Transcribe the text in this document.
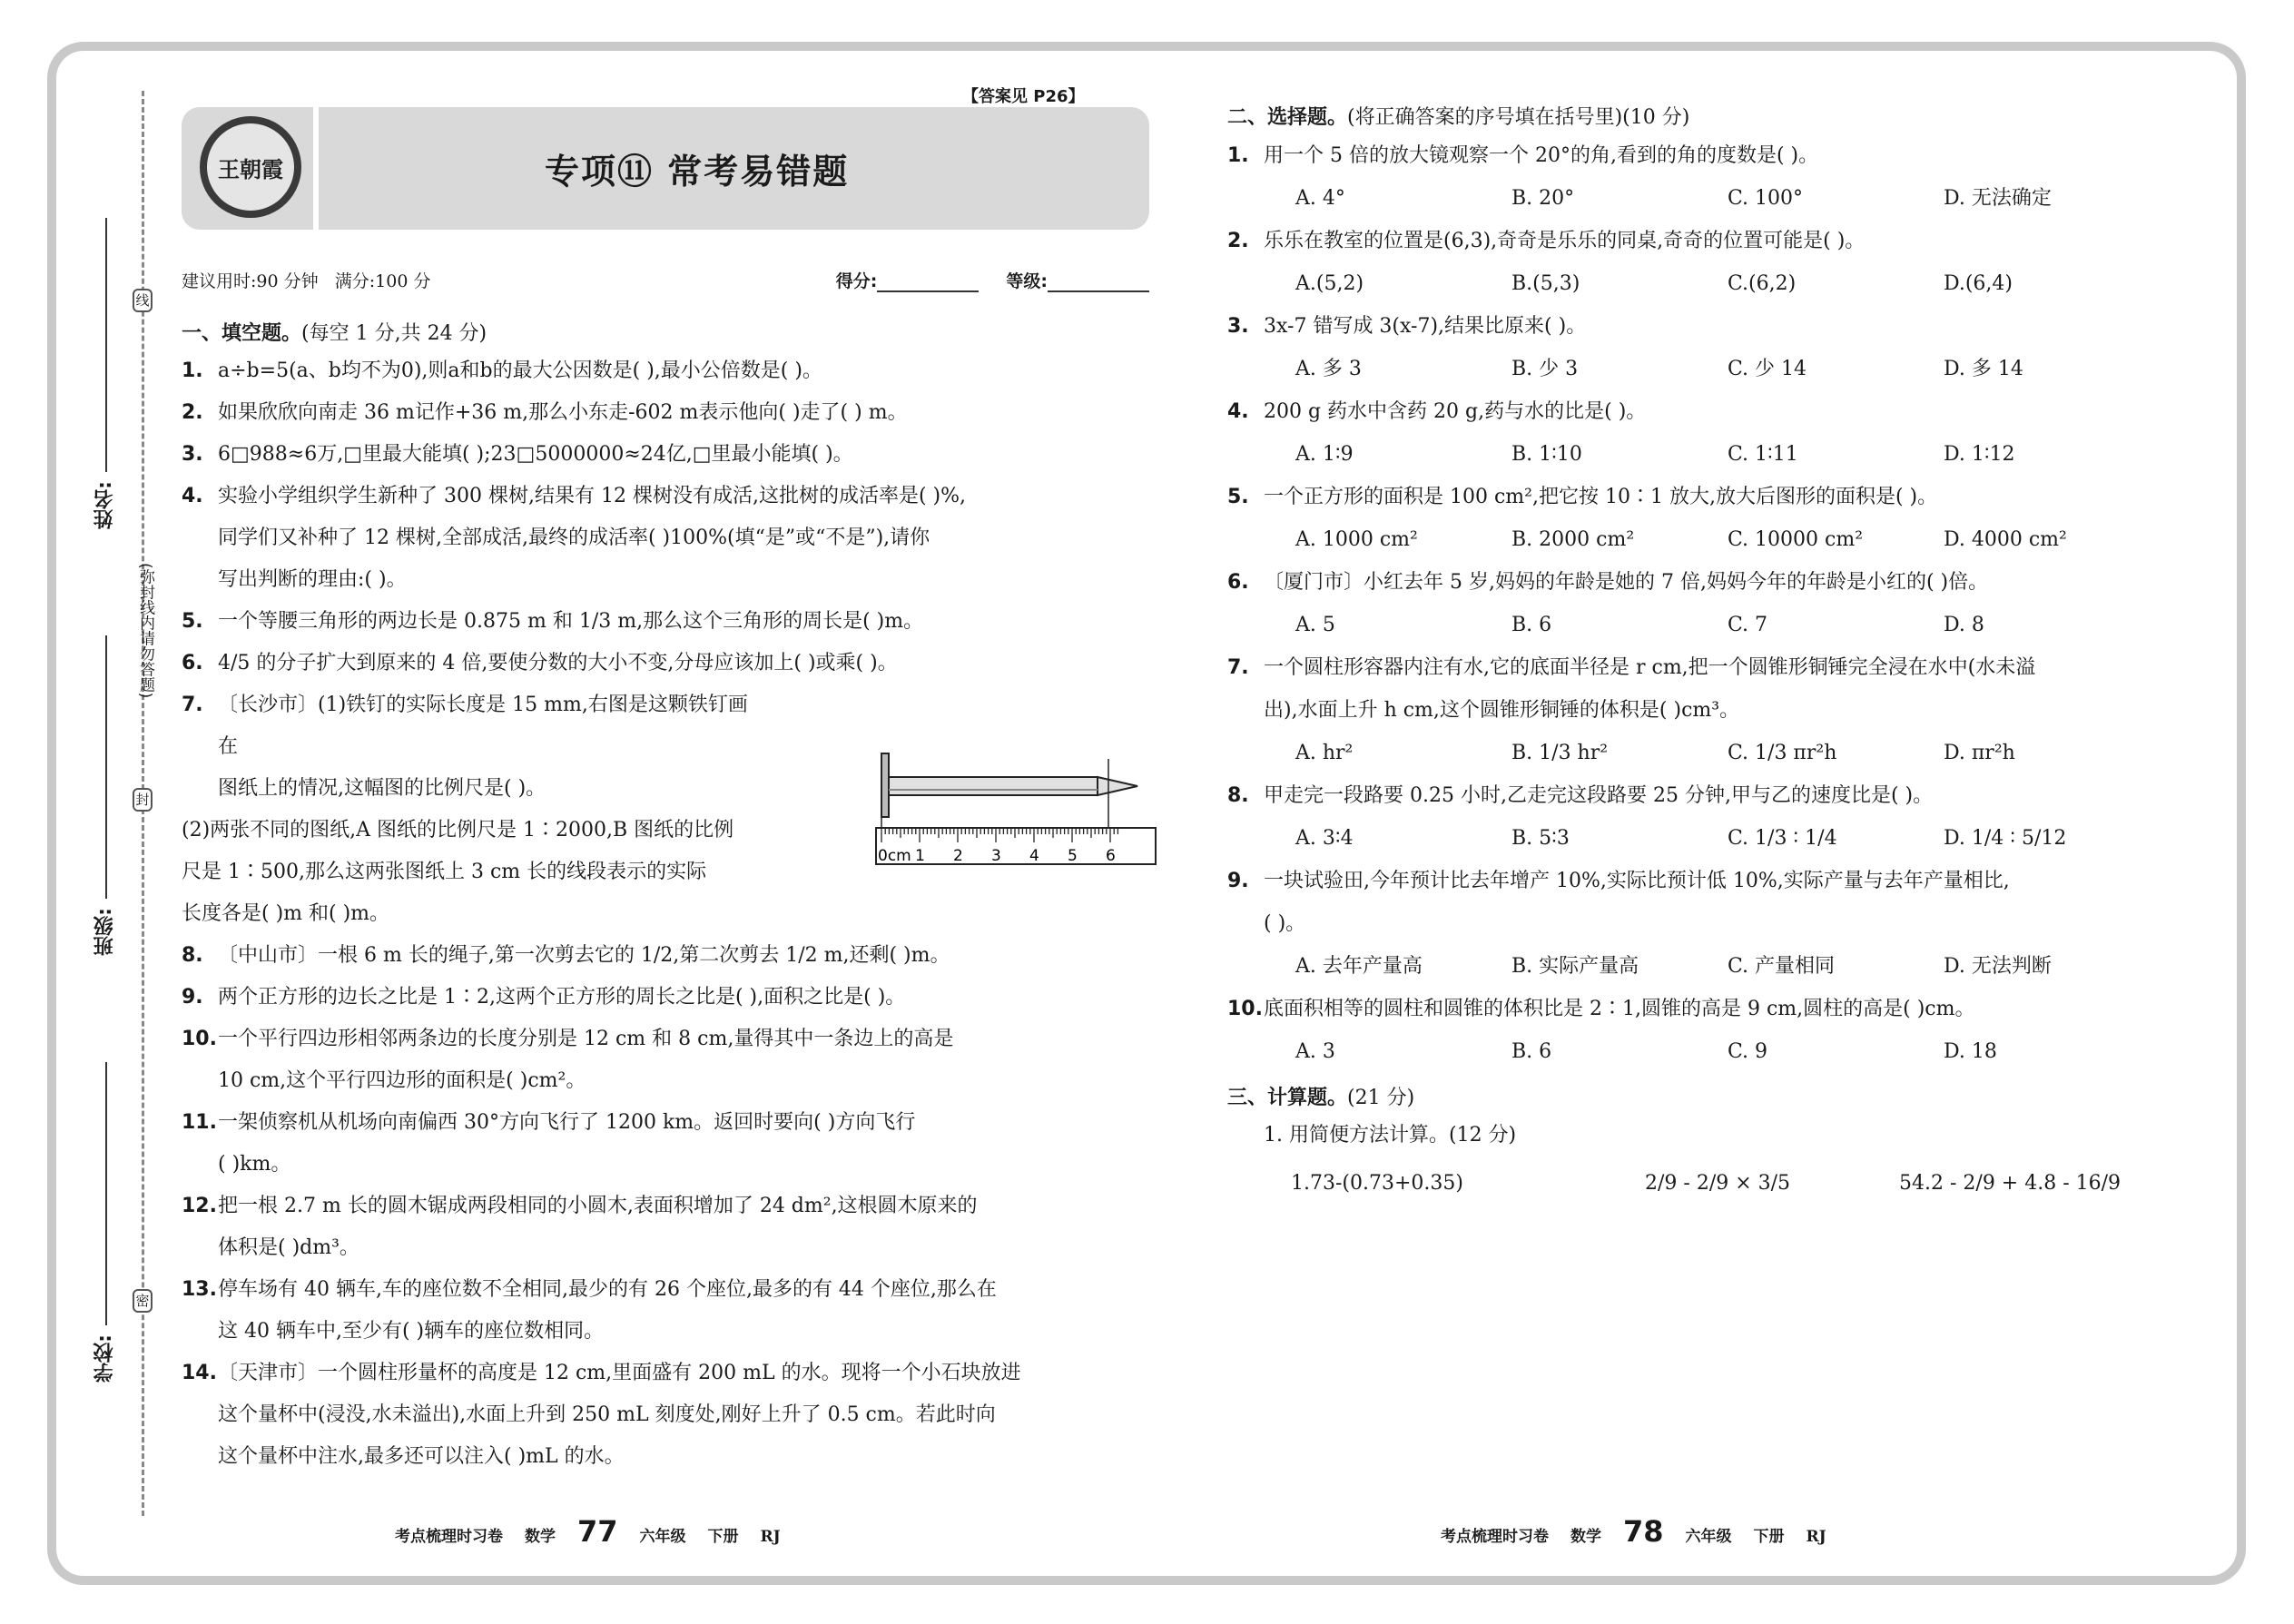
线
封
密
(弥封线内请勿答题)
姓名:
班级:
学校:
【答案见 P26】
王朝霞	专项⑪ 常考易错题
建议用时:90 分钟 满分:100 分	得分:	等级:
一、填空题。(每空 1 分,共 24 分)
1. a÷b=5(a、b均不为0),则a和b的最大公因数是( ),最小公倍数是( )。
2. 如果欣欣向南走 36 m记作+36 m,那么小东走-602 m表示他向( )走了( ) m。
3. 6□988≈6万,□里最大能填( );23□5000000≈24亿,□里最小能填( )。
4. 实验小学组织学生新种了 300 棵树,结果有 12 棵树没有成活,这批树的成活率是( )%,
同学们又补种了 12 棵树,全部成活,最终的成活率( )100%(填“是”或“不是”),请你
写出判断的理由:( )。
5. 一个等腰三角形的两边长是 0.875 m 和 1/3 m,那么这个三角形的周长是( )m。
6. 4/5 的分子扩大到原来的 4 倍,要使分数的大小不变,分母应该加上( )或乘( )。
7. 〔长沙市〕(1)铁钉的实际长度是 15 mm,右图是这颗铁钉画在
图纸上的情况,这幅图的比例尺是( )。
(2)两张不同的图纸,A 图纸的比例尺是 1∶2000,B 图纸的比例
尺是 1∶500,那么这两张图纸上 3 cm 长的线段表示的实际
长度各是( )m 和( )m。
8. 〔中山市〕一根 6 m 长的绳子,第一次剪去它的 1/2,第二次剪去 1/2 m,还剩( )m。
9. 两个正方形的边长之比是 1∶2,这两个正方形的周长之比是( ),面积之比是( )。
10.一个平行四边形相邻两条边的长度分别是 12 cm 和 8 cm,量得其中一条边上的高是
10 cm,这个平行四边形的面积是( )cm²。
11.一架侦察机从机场向南偏西 30°方向飞行了 1200 km。返回时要向( )方向飞行
( )km。
12.把一根 2.7 m 长的圆木锯成两段相同的小圆木,表面积增加了 24 dm²,这根圆木原来的
体积是( )dm³。
13.停车场有 40 辆车,车的座位数不全相同,最少的有 26 个座位,最多的有 44 个座位,那么在
这 40 辆车中,至少有( )辆车的座位数相同。
14.〔天津市〕一个圆柱形量杯的高度是 12 cm,里面盛有 200 mL 的水。现将一个小石块放进
这个量杯中(浸没,水未溢出),水面上升到 250 mL 刻度处,刚好上升了 0.5 cm。若此时向
这个量杯中注水,最多还可以注入( )mL 的水。
0cm 1 2 3 4 5 6
考点梳理时习卷 数学 77 六年级 下册 RJ
二、选择题。(将正确答案的序号填在括号里)(10 分)
1. 用一个 5 倍的放大镜观察一个 20°的角,看到的角的度数是( )。
A. 4°	B. 20°	C. 100°	D. 无法确定
2. 乐乐在教室的位置是(6,3),奇奇是乐乐的同桌,奇奇的位置可能是( )。
A.(5,2)	B.(5,3)	C.(6,2)	D.(6,4)
3. 3x-7 错写成 3(x-7),结果比原来( )。
A. 多 3	B. 少 3	C. 少 14	D. 多 14
4. 200 g 药水中含药 20 g,药与水的比是( )。
A. 1∶9	B. 1∶10	C. 1∶11	D. 1∶12
5. 一个正方形的面积是 100 cm²,把它按 10∶1 放大,放大后图形的面积是( )。
A. 1000 cm²	B. 2000 cm²	C. 10000 cm²	D. 4000 cm²
6. 〔厦门市〕小红去年 5 岁,妈妈的年龄是她的 7 倍,妈妈今年的年龄是小红的( )倍。
A. 5	B. 6	C. 7	D. 8
7. 一个圆柱形容器内注有水,它的底面半径是 r cm,把一个圆锥形铜锤完全浸在水中(水未溢
出),水面上升 h cm,这个圆锥形铜锤的体积是( )cm³。
A. hr²	B. 1/3 hr²	C. 1/3 πr²h	D. πr²h
8. 甲走完一段路要 0.25 小时,乙走完这段路要 25 分钟,甲与乙的速度比是( )。
A. 3∶4	B. 5∶3	C. 1/3 ∶ 1/4	D. 1/4 ∶ 5/12
9. 一块试验田,今年预计比去年增产 10%,实际比预计低 10%,实际产量与去年产量相比,
( )。
A. 去年产量高	B. 实际产量高	C. 产量相同	D. 无法判断
10.底面积相等的圆柱和圆锥的体积比是 2∶1,圆锥的高是 9 cm,圆柱的高是( )cm。
A. 3	B. 6	C. 9	D. 18
三、计算题。(21 分)
1. 用简便方法计算。(12 分)
1.73-(0.73+0.35)	2/9 - 2/9 × 3/5	54.2 - 2/9 + 4.8 - 16/9
考点梳理时习卷 数学 78 六年级 下册 RJ
